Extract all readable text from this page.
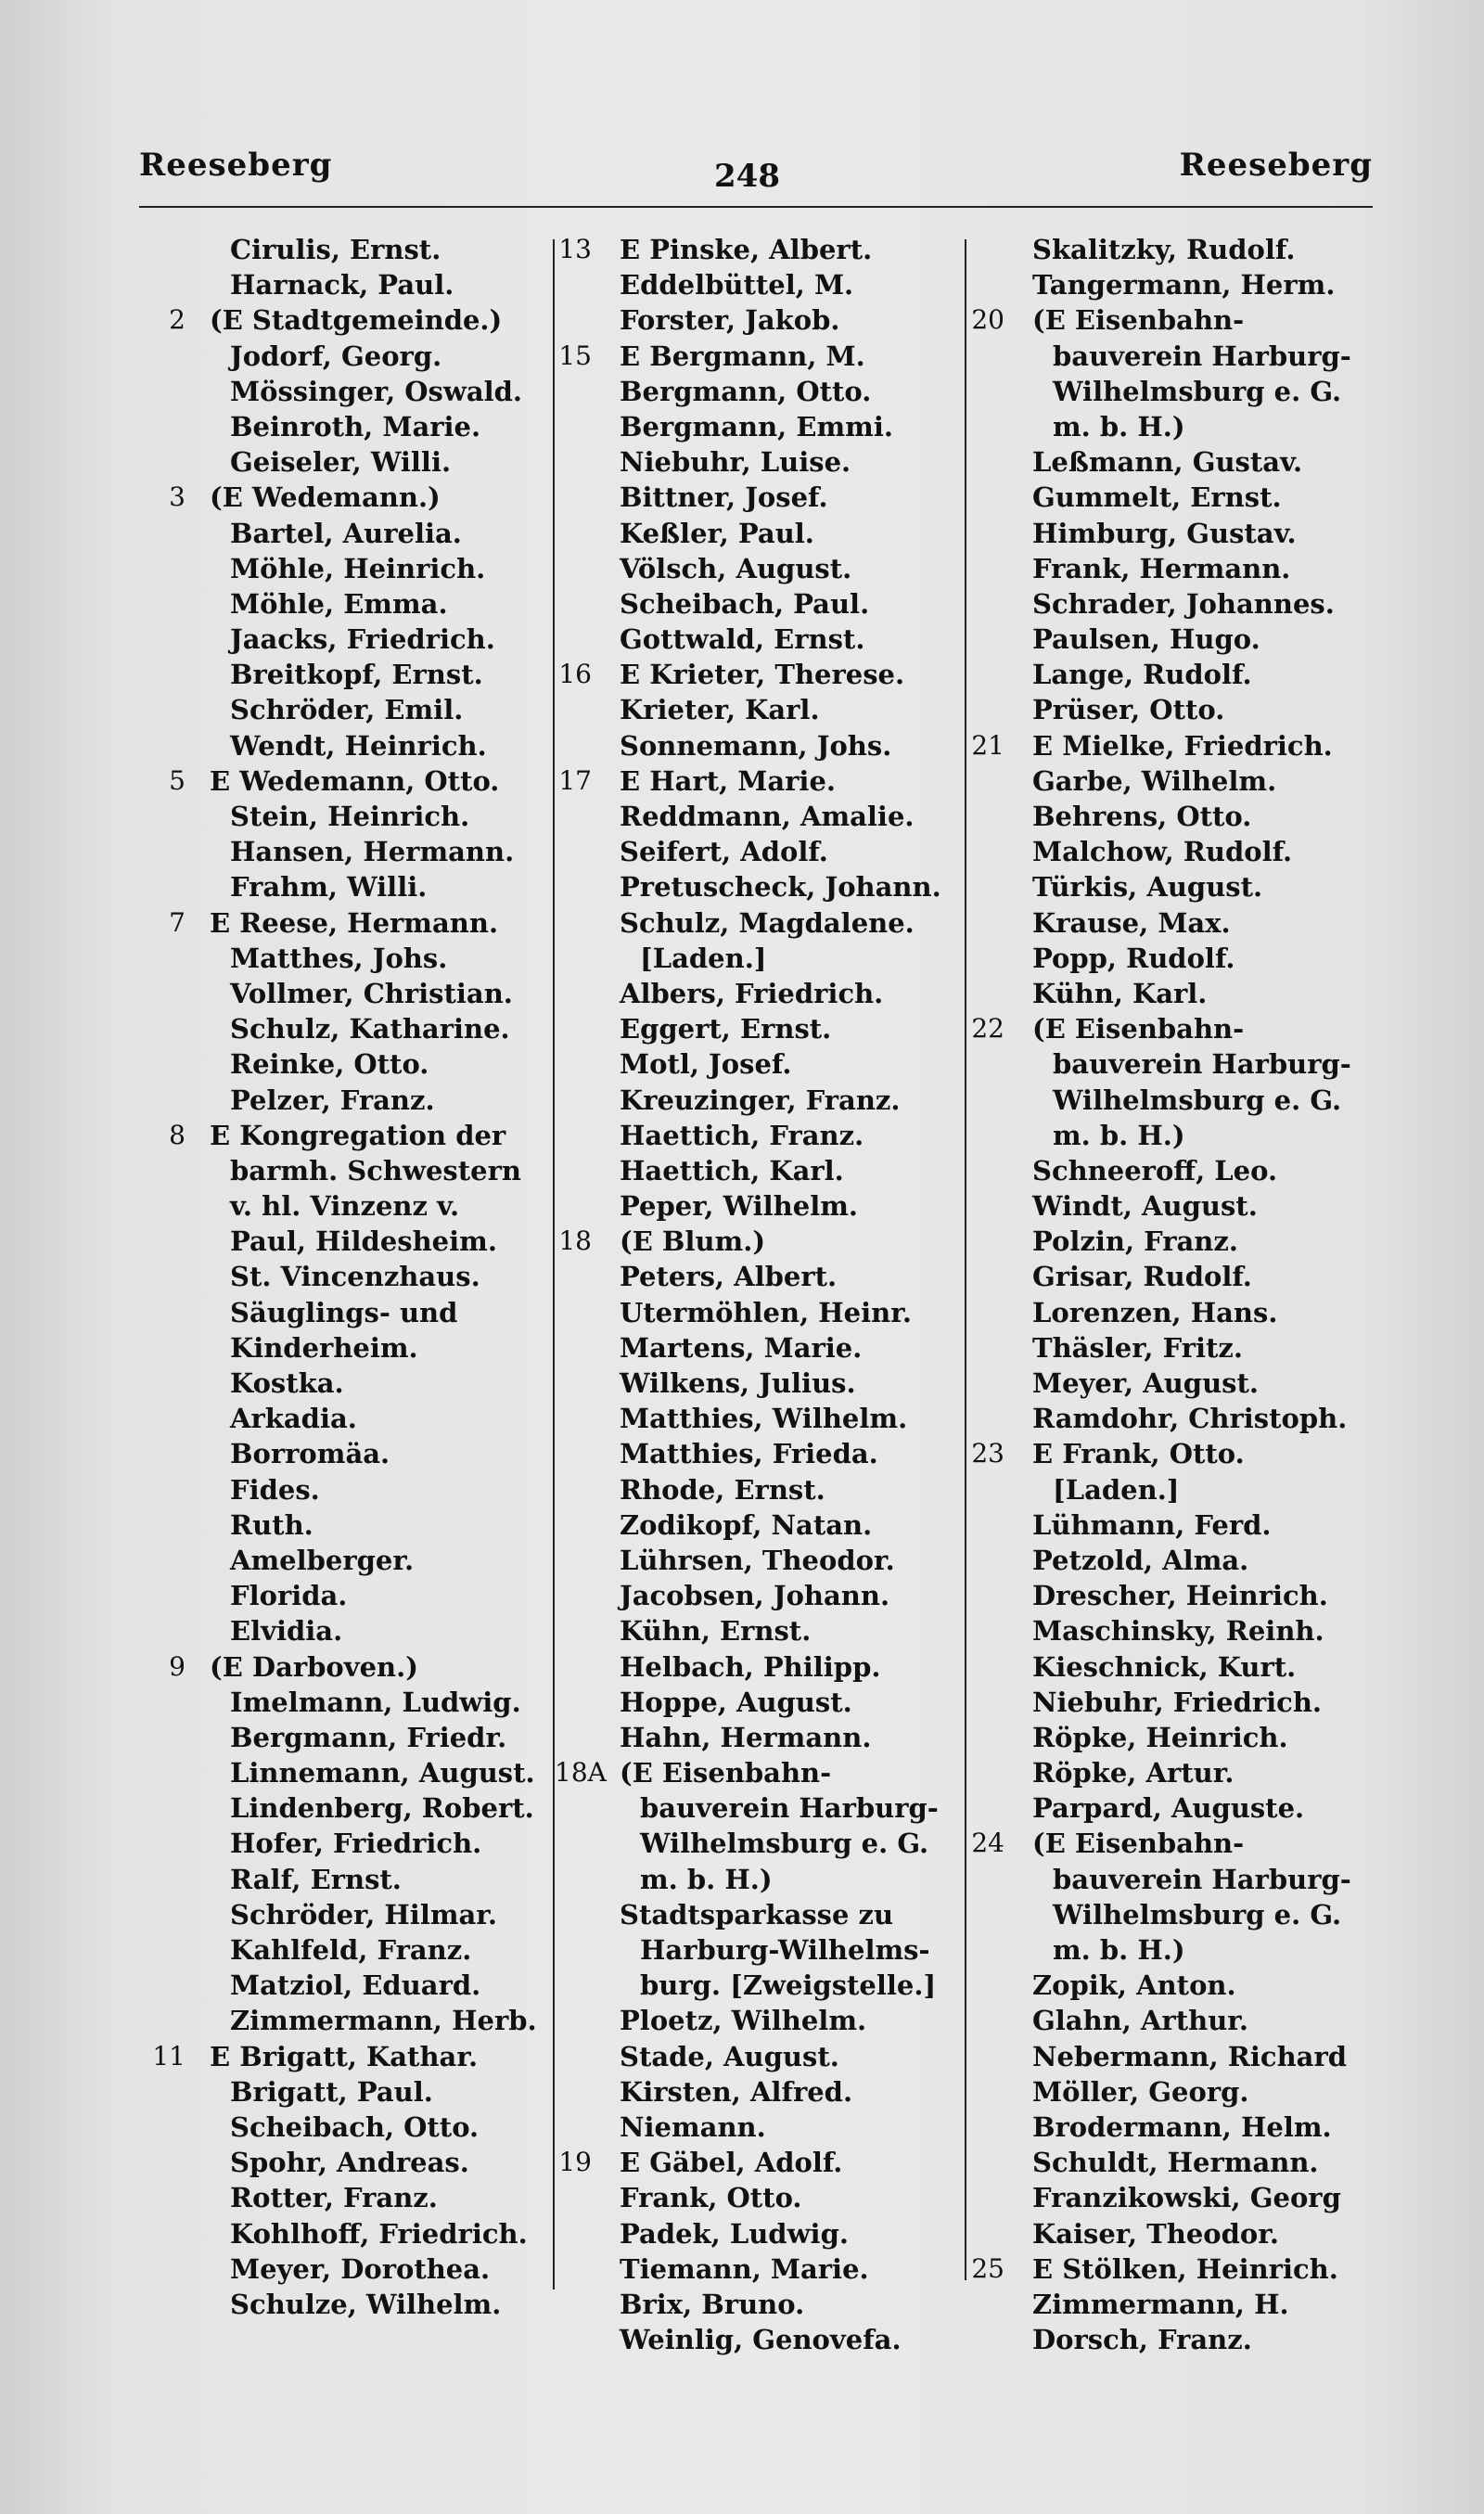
Reeseberg	248	Reeseberg
Cirulis, Ernst.
Harnack, Paul.
2 (E Stadtgemeinde.)
Jodorf, Georg.
Mössinger, Oswald.
Beinroth, Marie.
Geiseler, Willi.
3 (E Wedemann.)
Bartel, Aurelia.
Möhle, Heinrich.
Möhle, Emma.
Jaacks, Friedrich.
Breitkopf, Ernst.
Schröder, Emil.
Wendt, Heinrich.
5 E Wedemann, Otto.
Stein, Heinrich.
Hansen, Hermann.
Frahm, Willi.
7 E Reese, Hermann.
Matthes, Johs.
Vollmer, Christian.
Schulz, Katharine.
Reinke, Otto.
Pelzer, Franz.
8 E Kongregation der
barmh. Schwestern
v. hl. Vinzenz v.
Paul, Hildesheim.
St. Vincenzhaus.
Säuglings- und
Kinderheim.
Kostka.
Arkadia.
Borromäa.
Fides.
Ruth.
Amelberger.
Florida.
Elvidia.
9 (E Darboven.)
Imelmann, Ludwig.
Bergmann, Friedr.
Linnemann, August.
Lindenberg, Robert.
Hofer, Friedrich.
Ralf, Ernst.
Schröder, Hilmar.
Kahlfeld, Franz.
Matziol, Eduard.
Zimmermann, Herb.
11 E Brigatt, Kathar.
Brigatt, Paul.
Scheibach, Otto.
Spohr, Andreas.
Rotter, Franz.
Kohlhoff, Friedrich.
Meyer, Dorothea.
Schulze, Wilhelm.
13 E Pinske, Albert.
Eddelbüttel, M.
Forster, Jakob.
15 E Bergmann, M.
Bergmann, Otto.
Bergmann, Emmi.
Niebuhr, Luise.
Bittner, Josef.
Keßler, Paul.
Völsch, August.
Scheibach, Paul.
Gottwald, Ernst.
16 E Krieter, Therese.
Krieter, Karl.
Sonnemann, Johs.
17 E Hart, Marie.
Reddmann, Amalie.
Seifert, Adolf.
Pretuscheck, Johann.
Schulz, Magdalene.
[Laden.]
Albers, Friedrich.
Eggert, Ernst.
Motl, Josef.
Kreuzinger, Franz.
Haettich, Franz.
Haettich, Karl.
Peper, Wilhelm.
18 (E Blum.)
Peters, Albert.
Utermöhlen, Heinr.
Martens, Marie.
Wilkens, Julius.
Matthies, Wilhelm.
Matthies, Frieda.
Rhode, Ernst.
Zodikopf, Natan.
Lührsen, Theodor.
Jacobsen, Johann.
Kühn, Ernst.
Helbach, Philipp.
Hoppe, August.
Hahn, Hermann.
18A (E Eisenbahn-
bauverein Harburg-
Wilhelmsburg e. G.
m. b. H.)
Stadtsparkasse zu
Harburg-Wilhelms-
burg. [Zweigstelle.]
Ploetz, Wilhelm.
Stade, August.
Kirsten, Alfred.
Niemann.
19 E Gäbel, Adolf.
Frank, Otto.
Padek, Ludwig.
Tiemann, Marie.
Brix, Bruno.
Weinlig, Genovefa.
Skalitzky, Rudolf.
Tangermann, Herm.
20 (E Eisenbahn-
bauverein Harburg-
Wilhelmsburg e. G.
m. b. H.)
Leßmann, Gustav.
Gummelt, Ernst.
Himburg, Gustav.
Frank, Hermann.
Schrader, Johannes.
Paulsen, Hugo.
Lange, Rudolf.
Prüser, Otto.
21 E Mielke, Friedrich.
Garbe, Wilhelm.
Behrens, Otto.
Malchow, Rudolf.
Türkis, August.
Krause, Max.
Popp, Rudolf.
Kühn, Karl.
22 (E Eisenbahn-
bauverein Harburg-
Wilhelmsburg e. G.
m. b. H.)
Schneeroff, Leo.
Windt, August.
Polzin, Franz.
Grisar, Rudolf.
Lorenzen, Hans.
Thäsler, Fritz.
Meyer, August.
Ramdohr, Christoph.
23 E Frank, Otto.
[Laden.]
Lühmann, Ferd.
Petzold, Alma.
Drescher, Heinrich.
Maschinsky, Reinh.
Kieschnick, Kurt.
Niebuhr, Friedrich.
Röpke, Heinrich.
Röpke, Artur.
Parpard, Auguste.
24 (E Eisenbahn-
bauverein Harburg-
Wilhelmsburg e. G.
m. b. H.)
Zopik, Anton.
Glahn, Arthur.
Nebermann, Richard
Möller, Georg.
Brodermann, Helm.
Schuldt, Hermann.
Franzikowski, Georg
Kaiser, Theodor.
25 E Stölken, Heinrich.
Zimmermann, H.
Dorsch, Franz.
